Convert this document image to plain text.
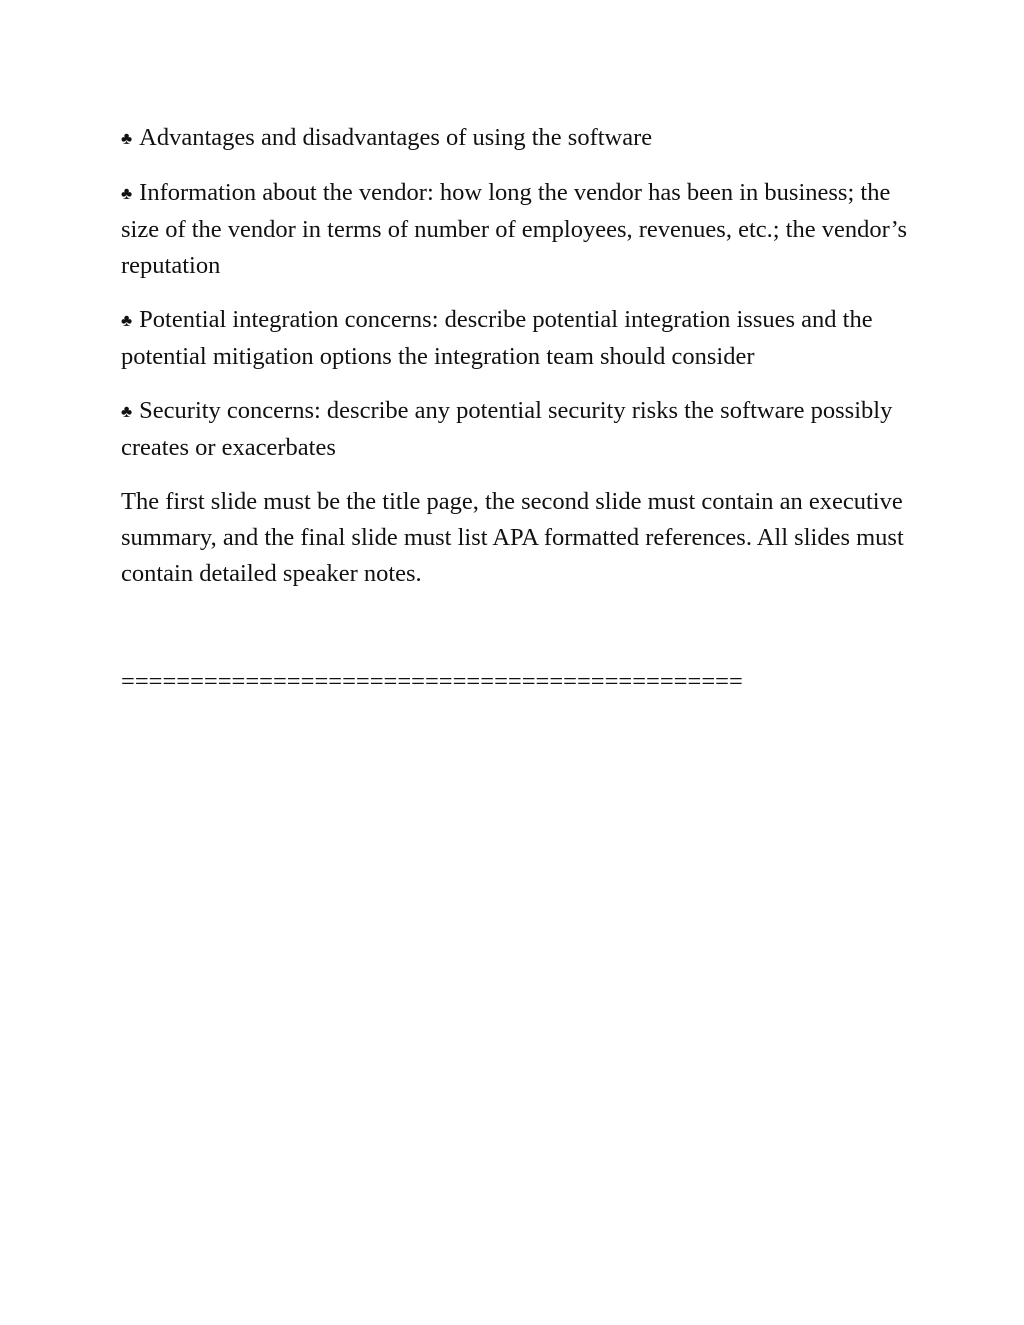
♣ Advantages and disadvantages of using the software

♣ Information about the vendor: how long the vendor has been in business; the size of the vendor in terms of number of employees, revenues, etc.; the vendor’s reputation

♣ Potential integration concerns: describe potential integration issues and the potential mitigation options the integration team should consider

♣ Security concerns: describe any potential security risks the software possibly creates or exacerbates

The first slide must be the title page, the second slide must contain an executive summary, and the final slide must list APA formatted references. All slides must contain detailed speaker notes.

=============================================
